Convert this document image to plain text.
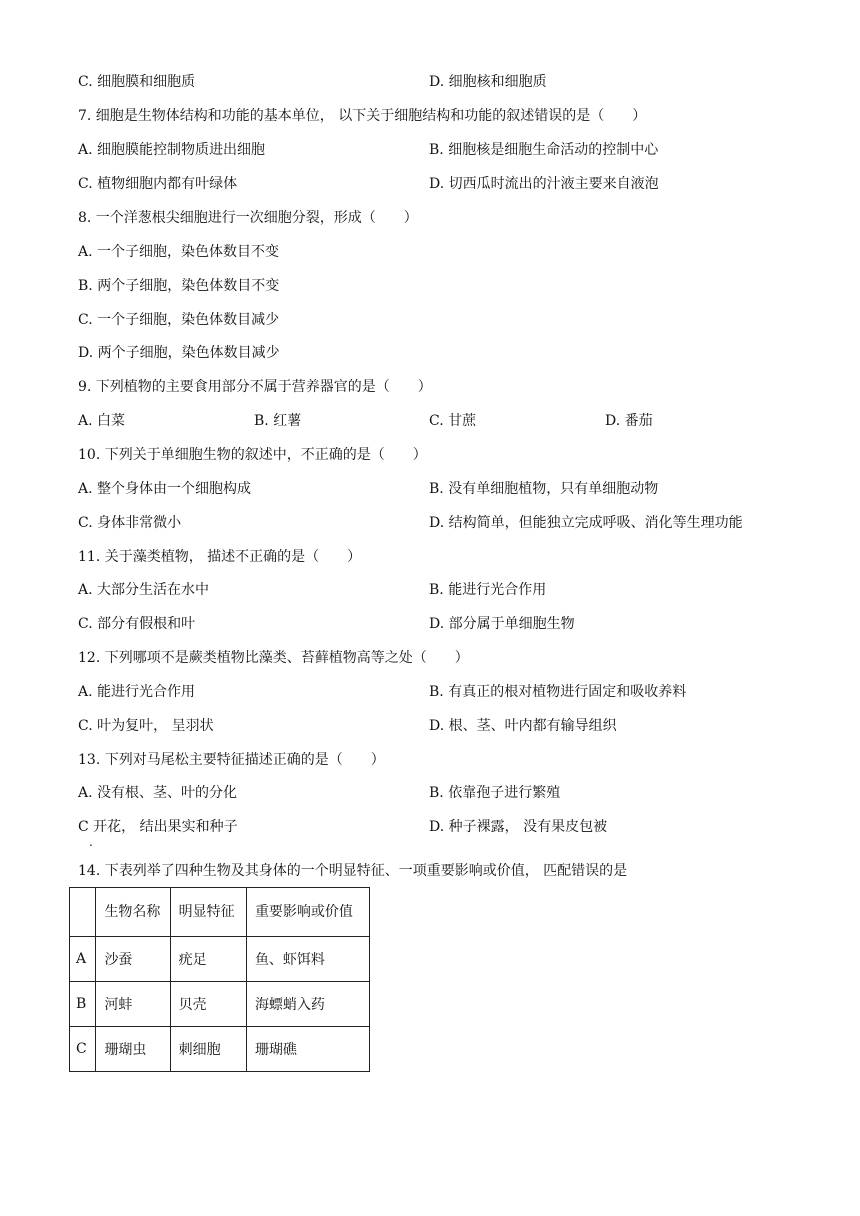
C. 细胞膜和细胞质	D. 细胞核和细胞质
7. 细胞是生物体结构和功能的基本单位， 以下关于细胞结构和功能的叙述错误的是（　　）
A. 细胞膜能控制物质进出细胞	B. 细胞核是细胞生命活动的控制中心
C. 植物细胞内都有叶绿体	D. 切西瓜时流出的汁液主要来自液泡
8. 一个洋葱根尖细胞进行一次细胞分裂，形成（　　）
A. 一个子细胞，染色体数目不变
B. 两个子细胞，染色体数目不变
C. 一个子细胞，染色体数目减少
D. 两个子细胞，染色体数目减少
9. 下列植物的主要食用部分不属于营养器官的是（　　）
A. 白菜	B. 红薯	C. 甘蔗	D. 番茄
10. 下列关于单细胞生物的叙述中，不正确的是（　　）
A. 整个身体由一个细胞构成	B. 没有单细胞植物，只有单细胞动物
C. 身体非常微小	D. 结构简单，但能独立完成呼吸、消化等生理功能
11. 关于藻类植物， 描述不正确的是（　　）
A. 大部分生活在水中	B. 能进行光合作用
C. 部分有假根和叶	D. 部分属于单细胞生物
12. 下列哪项不是蕨类植物比藻类、苔藓植物高等之处（　　）
A. 能进行光合作用	B. 有真正的根对植物进行固定和吸收养料
C. 叶为复叶， 呈羽状	D. 根、茎、叶内都有输导组织
13. 下列对马尾松主要特征描述正确的是（　　）
A. 没有根、茎、叶的分化	B. 依靠孢子进行繁殖
C 开花， 结出果实和种子	D. 种子裸露， 没有果皮包被
.
14. 下表列举了四种生物及其身体的一个明显特征、一项重要影响或价值， 匹配错误的是
	生物名称	明显特征	重要影响或价值
A	沙蚕	疣足	鱼、虾饵料
B	河蚌	贝壳	海螵蛸入药
C	珊瑚虫	刺细胞	珊瑚礁
